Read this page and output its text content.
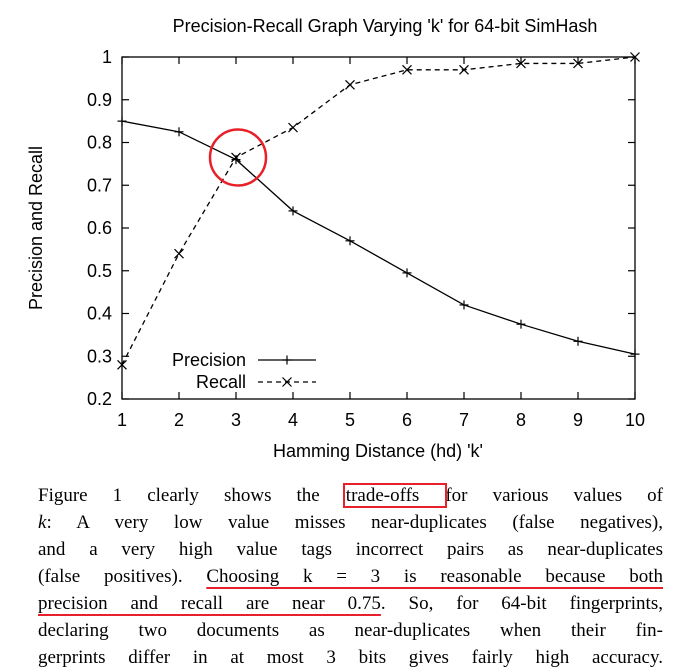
Precision-Recall Graph Varying 'k' for 64-bit SimHash
1	2	3	4	5	6	7	8	9 10
0.2
0.3
0.4
0.5
0.6
0.7
0.8
0.9
1
Hamming Distance (hd) 'k'
Precision and Recall
Precision
Recall
Figure 1 clearly shows the trade-offs for various values of
k: A very low value misses near-duplicates (false negatives),
and a very high value tags incorrect pairs as near-duplicates
(false positives). Choosing k = 3 is reasonable because both
precision and recall are near 0.75. So, for 64-bit fingerprints,
declaring two documents as near-duplicates when their fin-
gerprints differ in at most 3 bits gives fairly high accuracy.
